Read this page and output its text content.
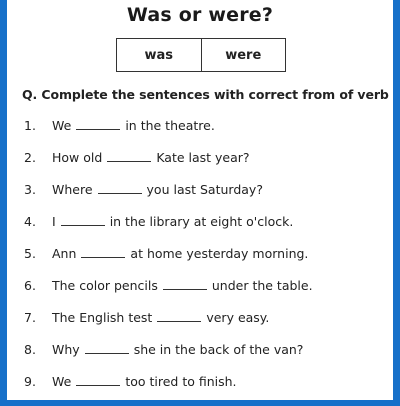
Was or were?
was	were
Q. Complete the sentences with correct from of verb
1.	We	in the theatre.
2.	How old	Kate last year?
3.	Where	you last Saturday?
4.	I	in the library at eight o'clock.
5.	Ann	at home yesterday morning.
6.	The color pencils	under the table.
7.	The English test	very easy.
8.	Why	she in the back of the van?
9.	We	too tired to finish.
